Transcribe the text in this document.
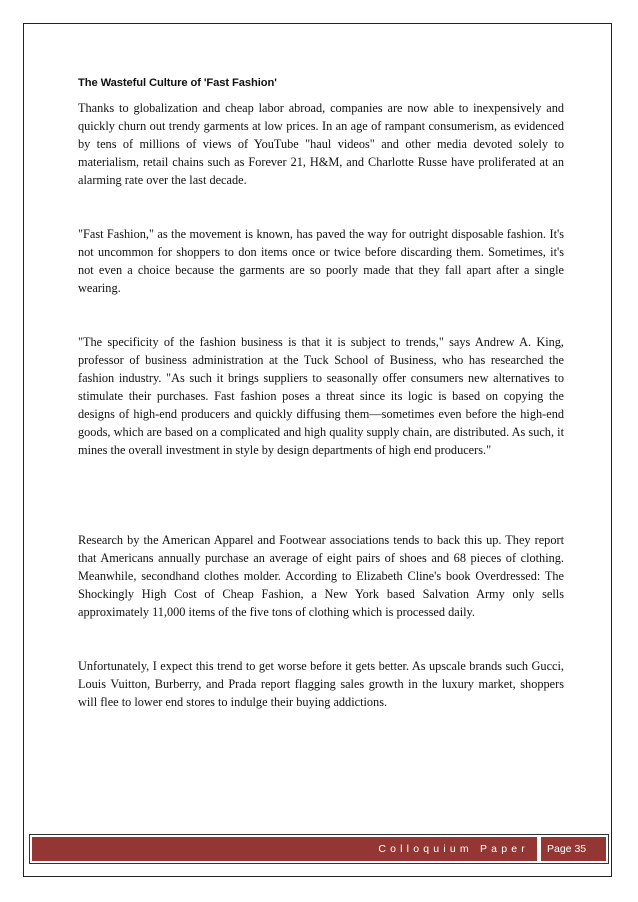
The Wasteful Culture of 'Fast Fashion'

Thanks to globalization and cheap labor abroad, companies are now able to inexpensively and quickly churn out trendy garments at low prices. In an age of rampant consumerism, as evidenced by tens of millions of views of YouTube "haul videos" and other media devoted solely to materialism, retail chains such as Forever 21, H&M, and Charlotte Russe have proliferated at an alarming rate over the last decade.

"Fast Fashion," as the movement is known, has paved the way for outright disposable fashion. It's not uncommon for shoppers to don items once or twice before discarding them. Sometimes, it's not even a choice because the garments are so poorly made that they fall apart after a single wearing.

"The specificity of the fashion business is that it is subject to trends," says Andrew A. King, professor of business administration at the Tuck School of Business, who has researched the fashion industry. "As such it brings suppliers to seasonally offer consumers new alternatives to stimulate their purchases. Fast fashion poses a threat since its logic is based on copying the designs of high-end producers and quickly diffusing them—sometimes even before the high-end goods, which are based on a complicated and high quality supply chain, are distributed. As such, it mines the overall investment in style by design departments of high end producers."

Research by the American Apparel and Footwear associations tends to back this up. They report that Americans annually purchase an average of eight pairs of shoes and 68 pieces of clothing. Meanwhile, secondhand clothes molder. According to Elizabeth Cline's book Overdressed: The Shockingly High Cost of Cheap Fashion, a New York based Salvation Army only sells approximately 11,000 items of the five tons of clothing which is processed daily.

Unfortunately, I expect this trend to get worse before it gets better. As upscale brands such Gucci, Louis Vuitton, Burberry, and Prada report flagging sales growth in the luxury market, shoppers will flee to lower end stores to indulge their buying addictions.

Colloquium Paper Page 35
